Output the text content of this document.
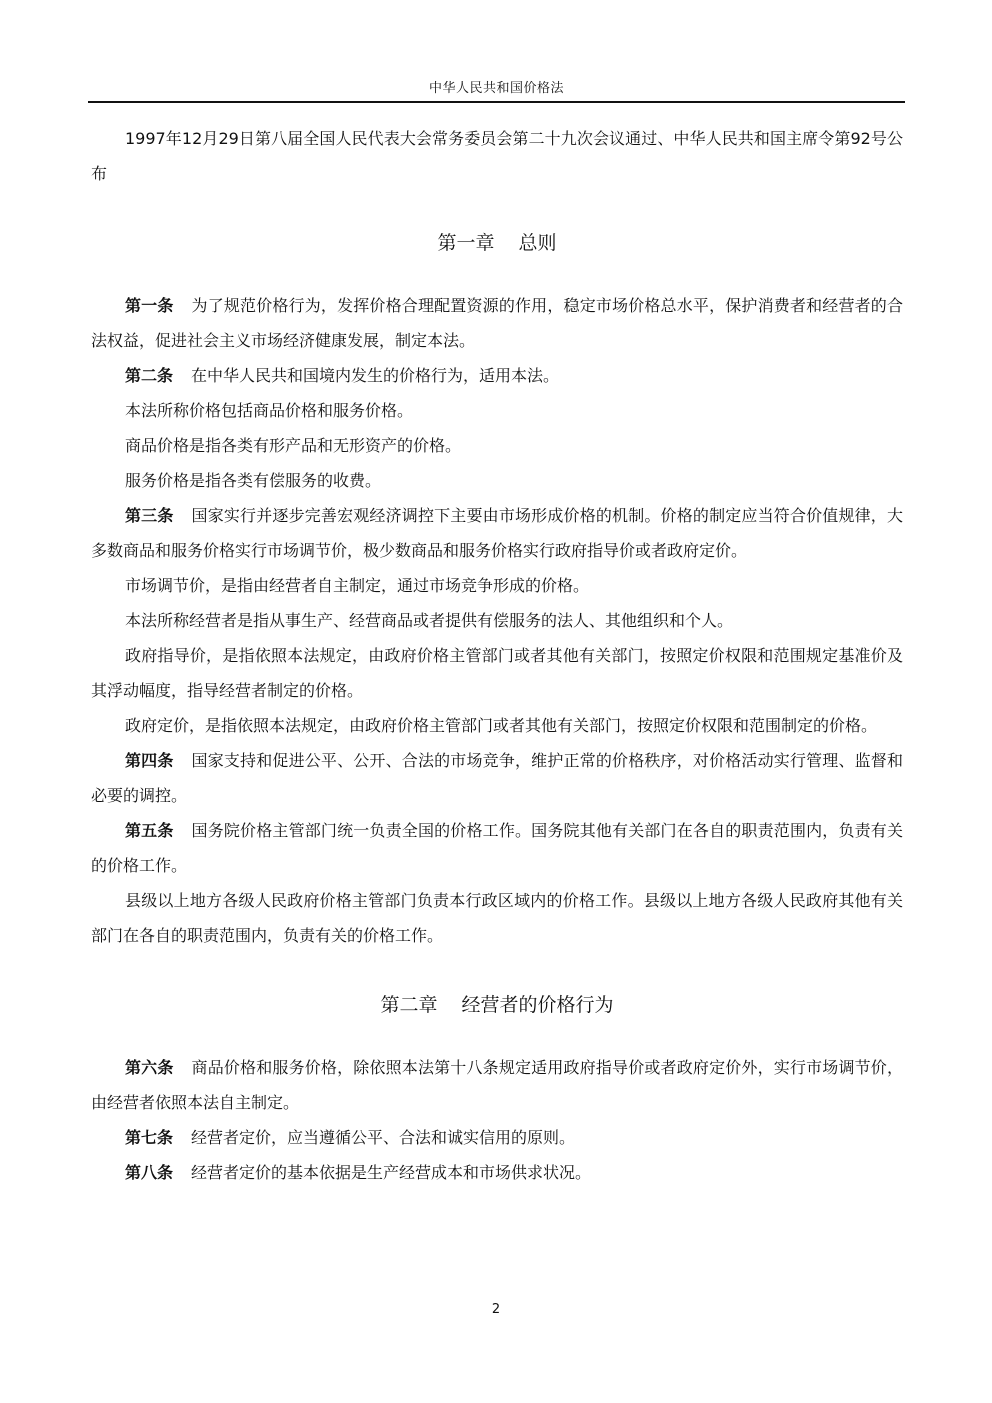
中华人民共和国价格法

1997年12月29日第八届全国人民代表大会常务委员会第二十九次会议通过、中华人民共和国主席令第92号公布

第一章 总则

第一条 为了规范价格行为，发挥价格合理配置资源的作用，稳定市场价格总水平，保护消费者和经营者的合法权益，促进社会主义市场经济健康发展，制定本法。

第二条 在中华人民共和国境内发生的价格行为，适用本法。

本法所称价格包括商品价格和服务价格。

商品价格是指各类有形产品和无形资产的价格。

服务价格是指各类有偿服务的收费。

第三条 国家实行并逐步完善宏观经济调控下主要由市场形成价格的机制。价格的制定应当符合价值规律，大多数商品和服务价格实行市场调节价，极少数商品和服务价格实行政府指导价或者政府定价。

市场调节价，是指由经营者自主制定，通过市场竞争形成的价格。

本法所称经营者是指从事生产、经营商品或者提供有偿服务的法人、其他组织和个人。

政府指导价，是指依照本法规定，由政府价格主管部门或者其他有关部门，按照定价权限和范围规定基准价及其浮动幅度，指导经营者制定的价格。

政府定价，是指依照本法规定，由政府价格主管部门或者其他有关部门，按照定价权限和范围制定的价格。

第四条 国家支持和促进公平、公开、合法的市场竞争，维护正常的价格秩序，对价格活动实行管理、监督和必要的调控。

第五条 国务院价格主管部门统一负责全国的价格工作。国务院其他有关部门在各自的职责范围内，负责有关的价格工作。

县级以上地方各级人民政府价格主管部门负责本行政区域内的价格工作。县级以上地方各级人民政府其他有关部门在各自的职责范围内，负责有关的价格工作。

第二章 经营者的价格行为

第六条 商品价格和服务价格，除依照本法第十八条规定适用政府指导价或者政府定价外，实行市场调节价，由经营者依照本法自主制定。

第七条 经营者定价，应当遵循公平、合法和诚实信用的原则。

第八条 经营者定价的基本依据是生产经营成本和市场供求状况。

2
